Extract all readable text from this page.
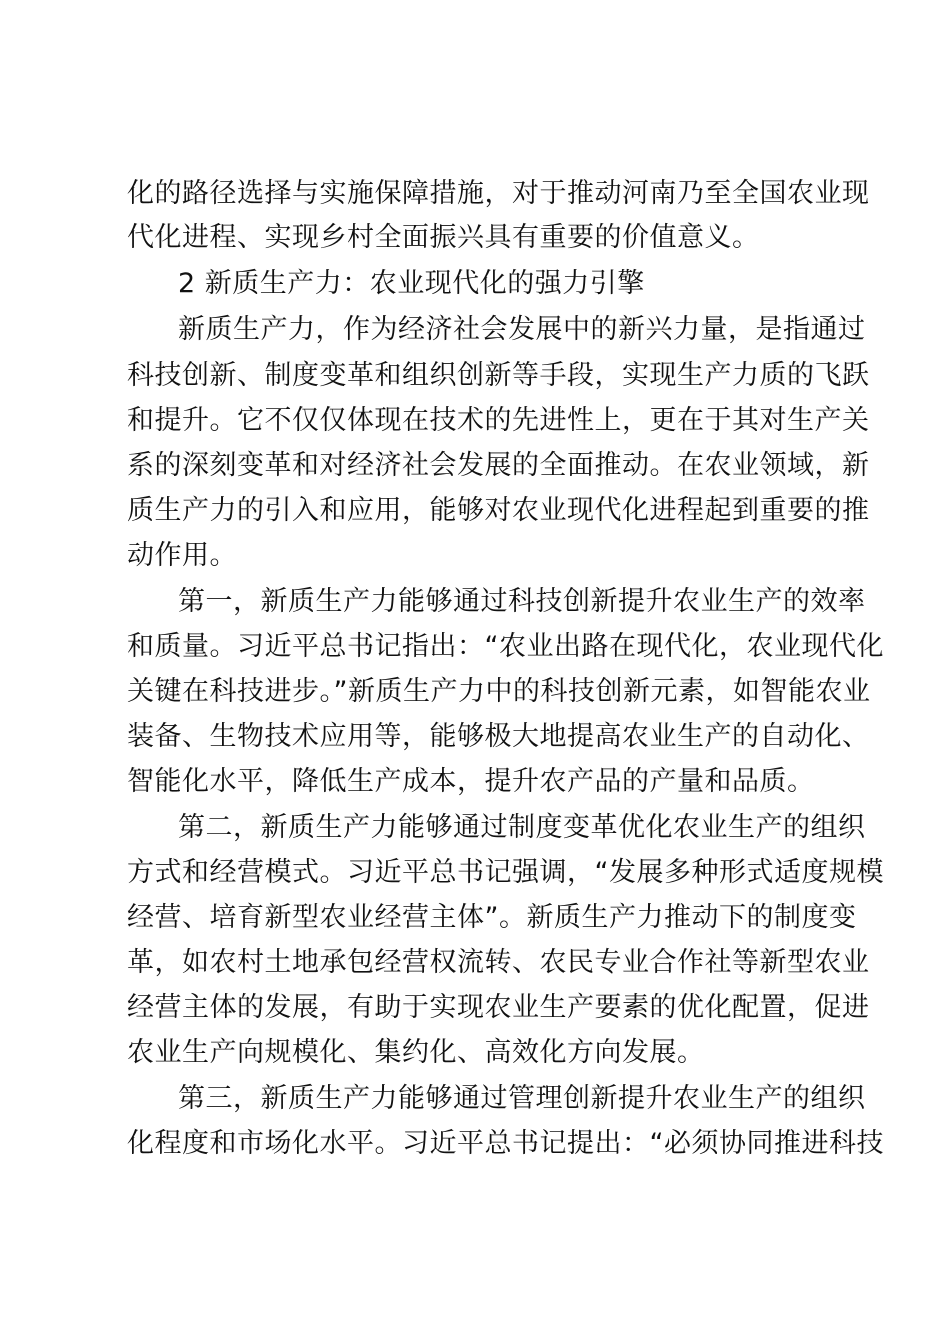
化的路径选择与实施保障措施，对于推动河南乃至全国农业现
代化进程、实现乡村全面振兴具有重要的价值意义。
2 新质生产力：农业现代化的强力引擎
新质生产力，作为经济社会发展中的新兴力量，是指通过
科技创新、制度变革和组织创新等手段，实现生产力质的飞跃
和提升。它不仅仅体现在技术的先进性上，更在于其对生产关
系的深刻变革和对经济社会发展的全面推动。在农业领域，新
质生产力的引入和应用，能够对农业现代化进程起到重要的推
动作用。
第一，新质生产力能够通过科技创新提升农业生产的效率
和质量。习近平总书记指出：“农业出路在现代化，农业现代化
关键在科技进步。”新质生产力中的科技创新元素，如智能农业
装备、生物技术应用等，能够极大地提高农业生产的自动化、
智能化水平，降低生产成本，提升农产品的产量和品质。
第二，新质生产力能够通过制度变革优化农业生产的组织
方式和经营模式。习近平总书记强调，“发展多种形式适度规模
经营、培育新型农业经营主体”。新质生产力推动下的制度变
革，如农村土地承包经营权流转、农民专业合作社等新型农业
经营主体的发展，有助于实现农业生产要素的优化配置，促进
农业生产向规模化、集约化、高效化方向发展。
第三，新质生产力能够通过管理创新提升农业生产的组织
化程度和市场化水平。习近平总书记提出：“必须协同推进科技
